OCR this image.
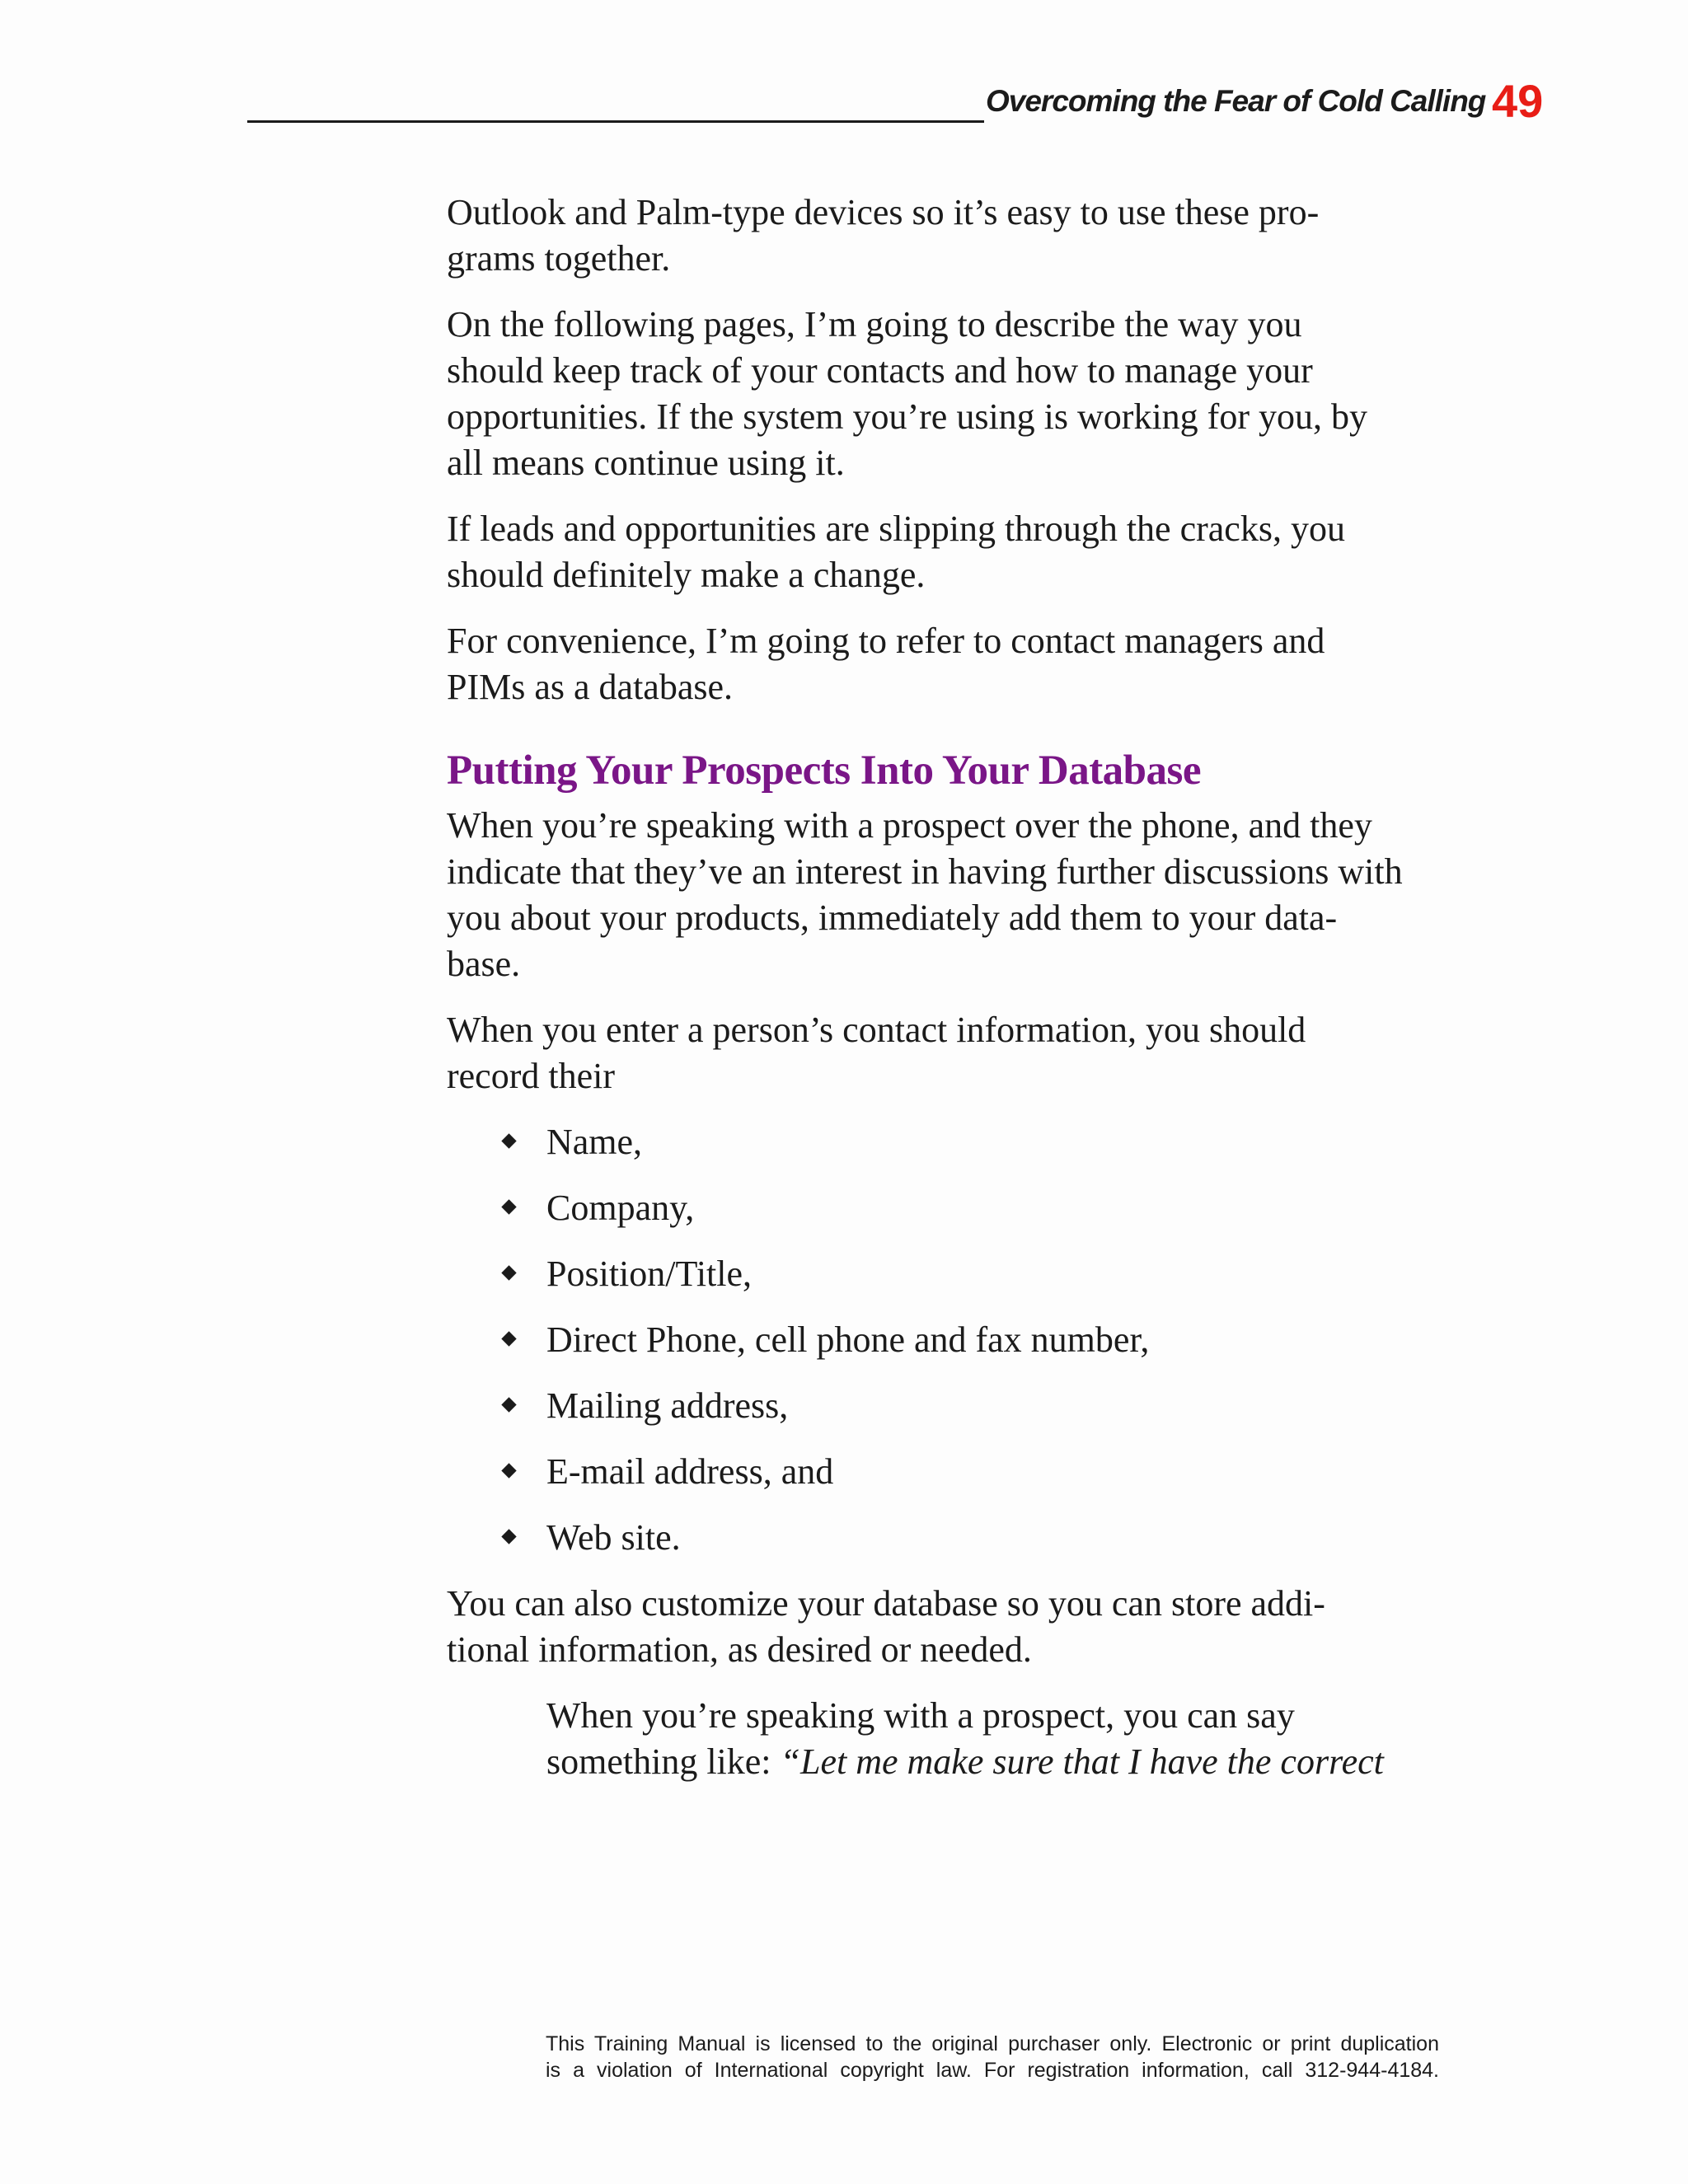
Overcoming the Fear of Cold Calling 49

Outlook and Palm-type devices so it’s easy to use these pro-
grams together.

On the following pages, I’m going to describe the way you
should keep track of your contacts and how to manage your
opportunities. If the system you’re using is working for you, by
all means continue using it.

If leads and opportunities are slipping through the cracks, you
should definitely make a change.

For convenience, I’m going to refer to contact managers and
PIMs as a database.

Putting Your Prospects Into Your Database

When you’re speaking with a prospect over the phone, and they
indicate that they’ve an interest in having further discussions with
you about your products, immediately add them to your data-
base.

When you enter a person’s contact information, you should
record their

Name,
Company,
Position/Title,
Direct Phone, cell phone and fax number,
Mailing address,
E-mail address, and
Web site.

You can also customize your database so you can store addi-
tional information, as desired or needed.

When you’re speaking with a prospect, you can say
something like: “Let me make sure that I have the correct

This Training Manual is licensed to the original purchaser only. Electronic or print duplication
is a violation of International copyright law. For registration information, call 312-944-4184.
